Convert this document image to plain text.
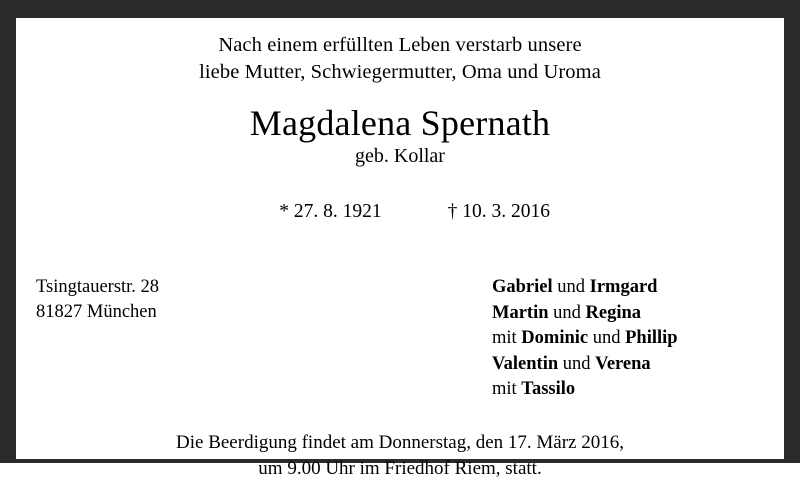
Nach einem erfüllten Leben verstarb unsere
liebe Mutter, Schwiegermutter, Oma und Uroma
Magdalena Spernath
geb. Kollar

* 27. 8. 1921	† 10. 3. 2016

Tsingtauerstr. 28
81827 München
Gabriel und Irmgard
Martin und Regina
mit Dominic und Phillip
Valentin und Verena
mit Tassilo
Die Beerdigung findet am Donnerstag, den 17. März 2016,
um 9.00 Uhr im Friedhof Riem, statt.
